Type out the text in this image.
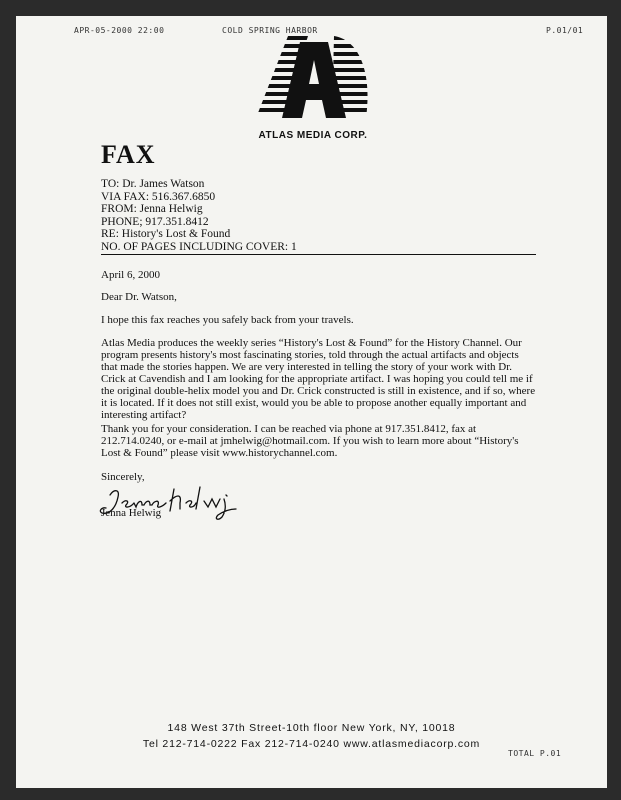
APR-05-2000 22:00	COLD SPRING HARBOR	P.01/01
ATLAS MEDIA CORP.
FAX
TO: Dr. James Watson
VIA FAX: 516.367.6850
FROM: Jenna Helwig
PHONE; 917.351.8412
RE: History's Lost & Found
NO. OF PAGES INCLUDING COVER: 1
April 6, 2000
Dear Dr. Watson,

I hope this fax reaches you safely back from your travels.

Atlas Media produces the weekly series “History's Lost & Found” for the History Channel. Our program presents history's most fascinating stories, told through the actual artifacts and objects that made the stories happen. We are very interested in telling the story of your work with Dr. Crick at Cavendish and I am looking for the appropriate artifact. I was hoping you could tell me if the original double-helix model you and Dr. Crick constructed is still in existence, and if so, where it is located. If it does not still exist, would you be able to propose another equally important and interesting artifact?

Thank you for your consideration. I can be reached via phone at 917.351.8412, fax at 212.714.0240, or e-mail at jmhelwig@hotmail.com. If you wish to learn more about “History's Lost & Found” please visit www.historychannel.com.

Sincerely,
Jenna Helwig
148 West 37th Street-10th floor New York, NY, 10018
Tel 212-714-0222 Fax 212-714-0240 www.atlasmediacorp.com
TOTAL P.01
